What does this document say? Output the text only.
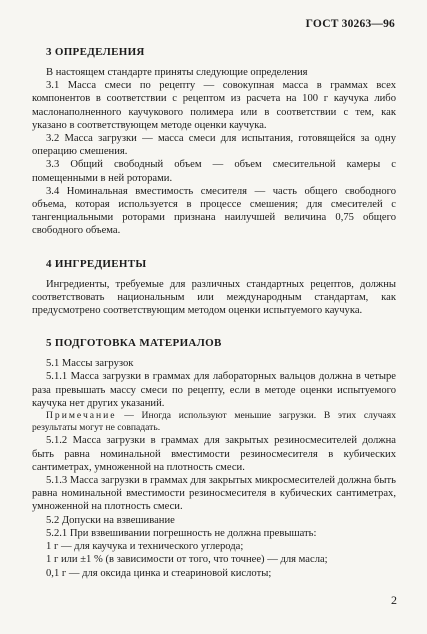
ГОСТ 30263—96
3 ОПРЕДЕЛЕНИЯ

В настоящем стандарте приняты следующие определения

3.1 Масса смеси по рецепту — совокупная масса в граммах всех компонентов в соответствии с рецептом из расчета на 100 г каучука либо маслонаполненного каучукового полимера или в соответствии с тем, как указано в соответствующем методе оценки каучука.

3.2 Масса загрузки — масса смеси для испытания, готовящейся за одну операцию смешения.

3.3 Общий свободный объем — объем смесительной камеры с помещенными в ней роторами.

3.4 Номинальная вместимость смесителя — часть общего свободного объема, которая используется в процессе смешения; для смесителей с тангенциальными роторами признана наилучшей величина 0,75 общего свободного объема.

4 ИНГРЕДИЕНТЫ

Ингредиенты, требуемые для различных стандартных рецептов, должны соответствовать национальным или международным стандартам, как предусмотрено соответствующим методом оценки испытуемого каучука.

5 ПОДГОТОВКА МАТЕРИАЛОВ

5.1 Массы загрузок

5.1.1 Масса загрузки в граммах для лабораторных вальцов должна в четыре раза превышать массу смеси по рецепту, если в методе оценки испытуемого каучука нет других указаний.

Примечание — Иногда используют меньшие загрузки. В этих случаях результаты могут не совпадать.

5.1.2 Масса загрузки в граммах для закрытых резиносмесителей должна быть равна номинальной вместимости резиносмесителя в кубических сантиметрах, умноженной на плотность смеси.

5.1.3 Масса загрузки в граммах для закрытых микросмесителей должна быть равна номинальной вместимости резиносмесителя в кубических сантиметрах, умноженной на плотность смеси.

5.2 Допуски на взвешивание

5.2.1 При взвешивании погрешность не должна превышать:

1 г — для каучука и технического углерода;

1 г или ±1 % (в зависимости от того, что точнее) — для масла;

0,1 г — для оксида цинка и стеариновой кислоты;

2
